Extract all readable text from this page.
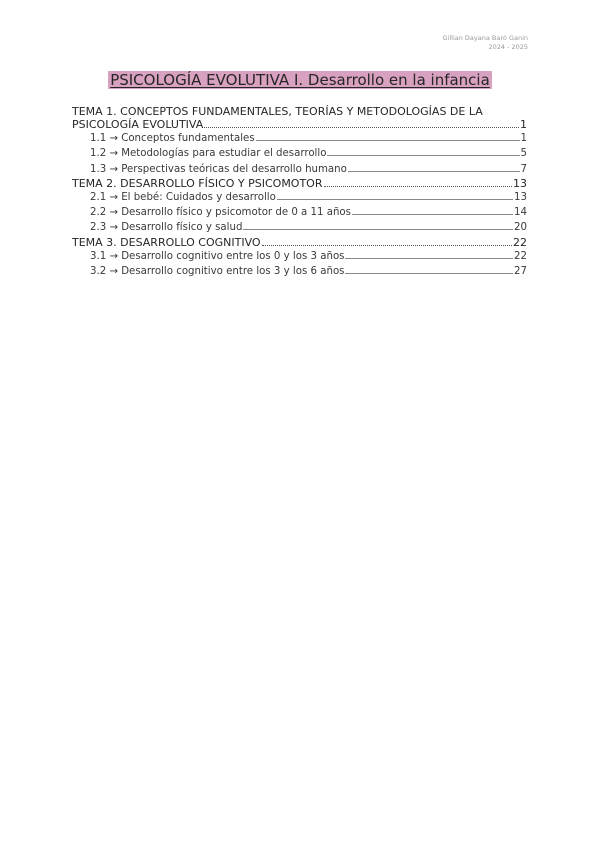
Gillian Dayana Baró Ganin
2024 - 2025
PSICOLOGÍA EVOLUTIVA I. Desarrollo en la infancia
TEMA 1. CONCEPTOS FUNDAMENTALES, TEORÍAS Y METODOLOGÍAS DE LA
PSICOLOGÍA EVOLUTIVA	1
1.1 → Conceptos fundamentales	1
1.2 → Metodologías para estudiar el desarrollo	5
1.3 → Perspectivas teóricas del desarrollo humano	7
TEMA 2. DESARROLLO FÍSICO Y PSICOMOTOR	13
2.1 → El bebé: Cuidados y desarrollo	13
2.2 → Desarrollo físico y psicomotor de 0 a 11 años	14
2.3 → Desarrollo físico y salud	20
TEMA 3. DESARROLLO COGNITIVO	22
3.1 → Desarrollo cognitivo entre los 0 y los 3 años	22
3.2 → Desarrollo cognitivo entre los 3 y los 6 años	27
